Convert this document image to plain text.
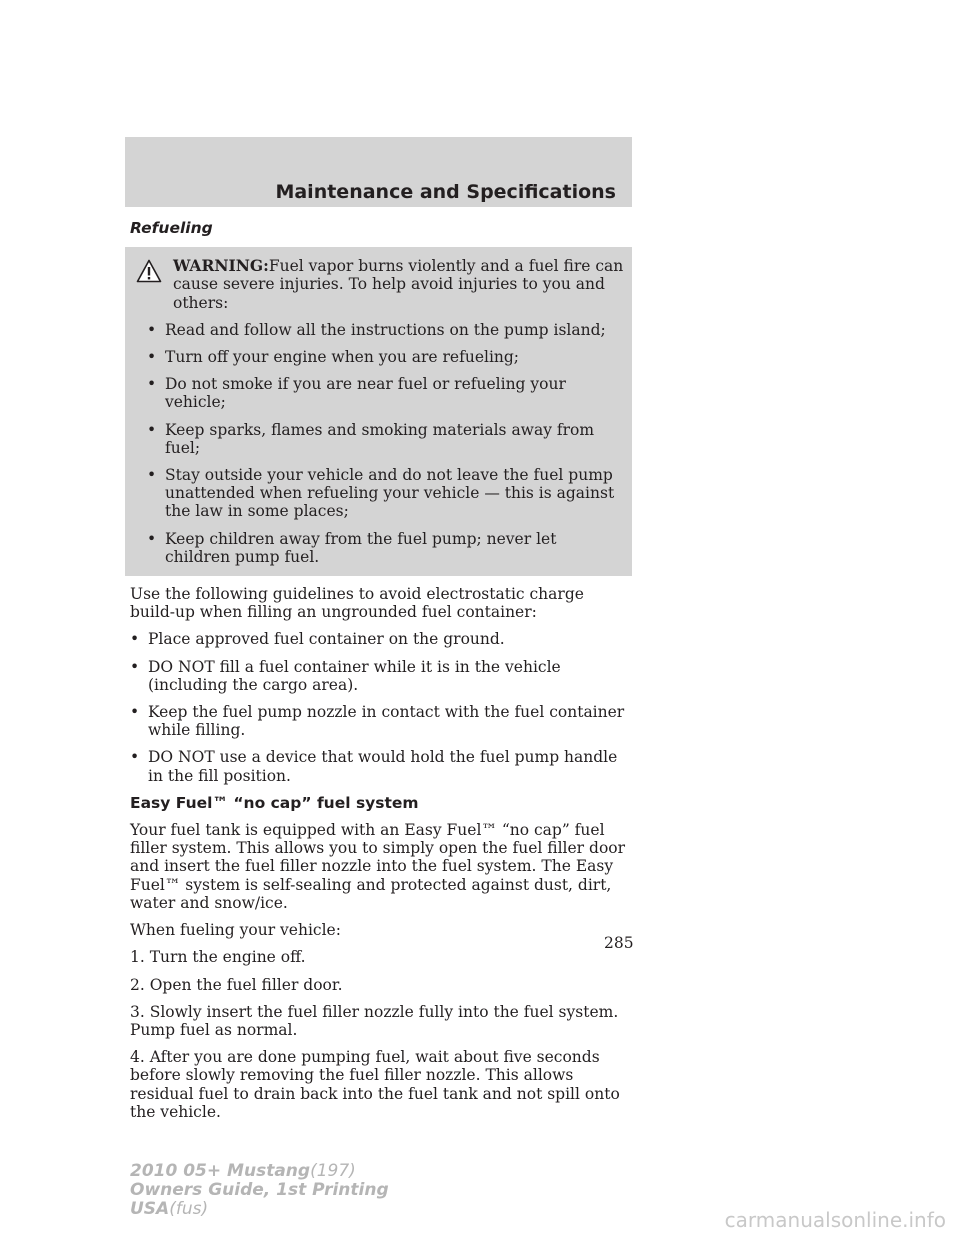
Maintenance and Specifications
Refueling

WARNING:Fuel vapor burns violently and a fuel fire can cause severe injuries. To help avoid injuries to you and others:

• Read and follow all the instructions on the pump island;
• Turn off your engine when you are refueling;
• Do not smoke if you are near fuel or refueling your vehicle;
• Keep sparks, flames and smoking materials away from fuel;
• Stay outside your vehicle and do not leave the fuel pump unattended when refueling your vehicle — this is against the law in some places;
• Keep children away from the fuel pump; never let children pump fuel.

Use the following guidelines to avoid electrostatic charge build-up when filling an ungrounded fuel container:

• Place approved fuel container on the ground.
• DO NOT fill a fuel container while it is in the vehicle (including the cargo area).
• Keep the fuel pump nozzle in contact with the fuel container while filling.
• DO NOT use a device that would hold the fuel pump handle in the fill position.
Easy Fuel™ “no cap” fuel system

Your fuel tank is equipped with an Easy Fuel™ “no cap” fuel filler system. This allows you to simply open the fuel filler door and insert the fuel filler nozzle into the fuel system. The Easy Fuel™ system is self-sealing and protected against dust, dirt, water and snow/ice.

When fueling your vehicle:

1. Turn the engine off.

2. Open the fuel filler door.

3. Slowly insert the fuel filler nozzle fully into the fuel system. Pump fuel as normal.

4. After you are done pumping fuel, wait about five seconds before slowly removing the fuel filler nozzle. This allows residual fuel to drain back into the fuel tank and not spill onto the vehicle.

285
2010 05+ Mustang(197)
Owners Guide, 1st Printing
USA(fus)	carmanualsonline.info
